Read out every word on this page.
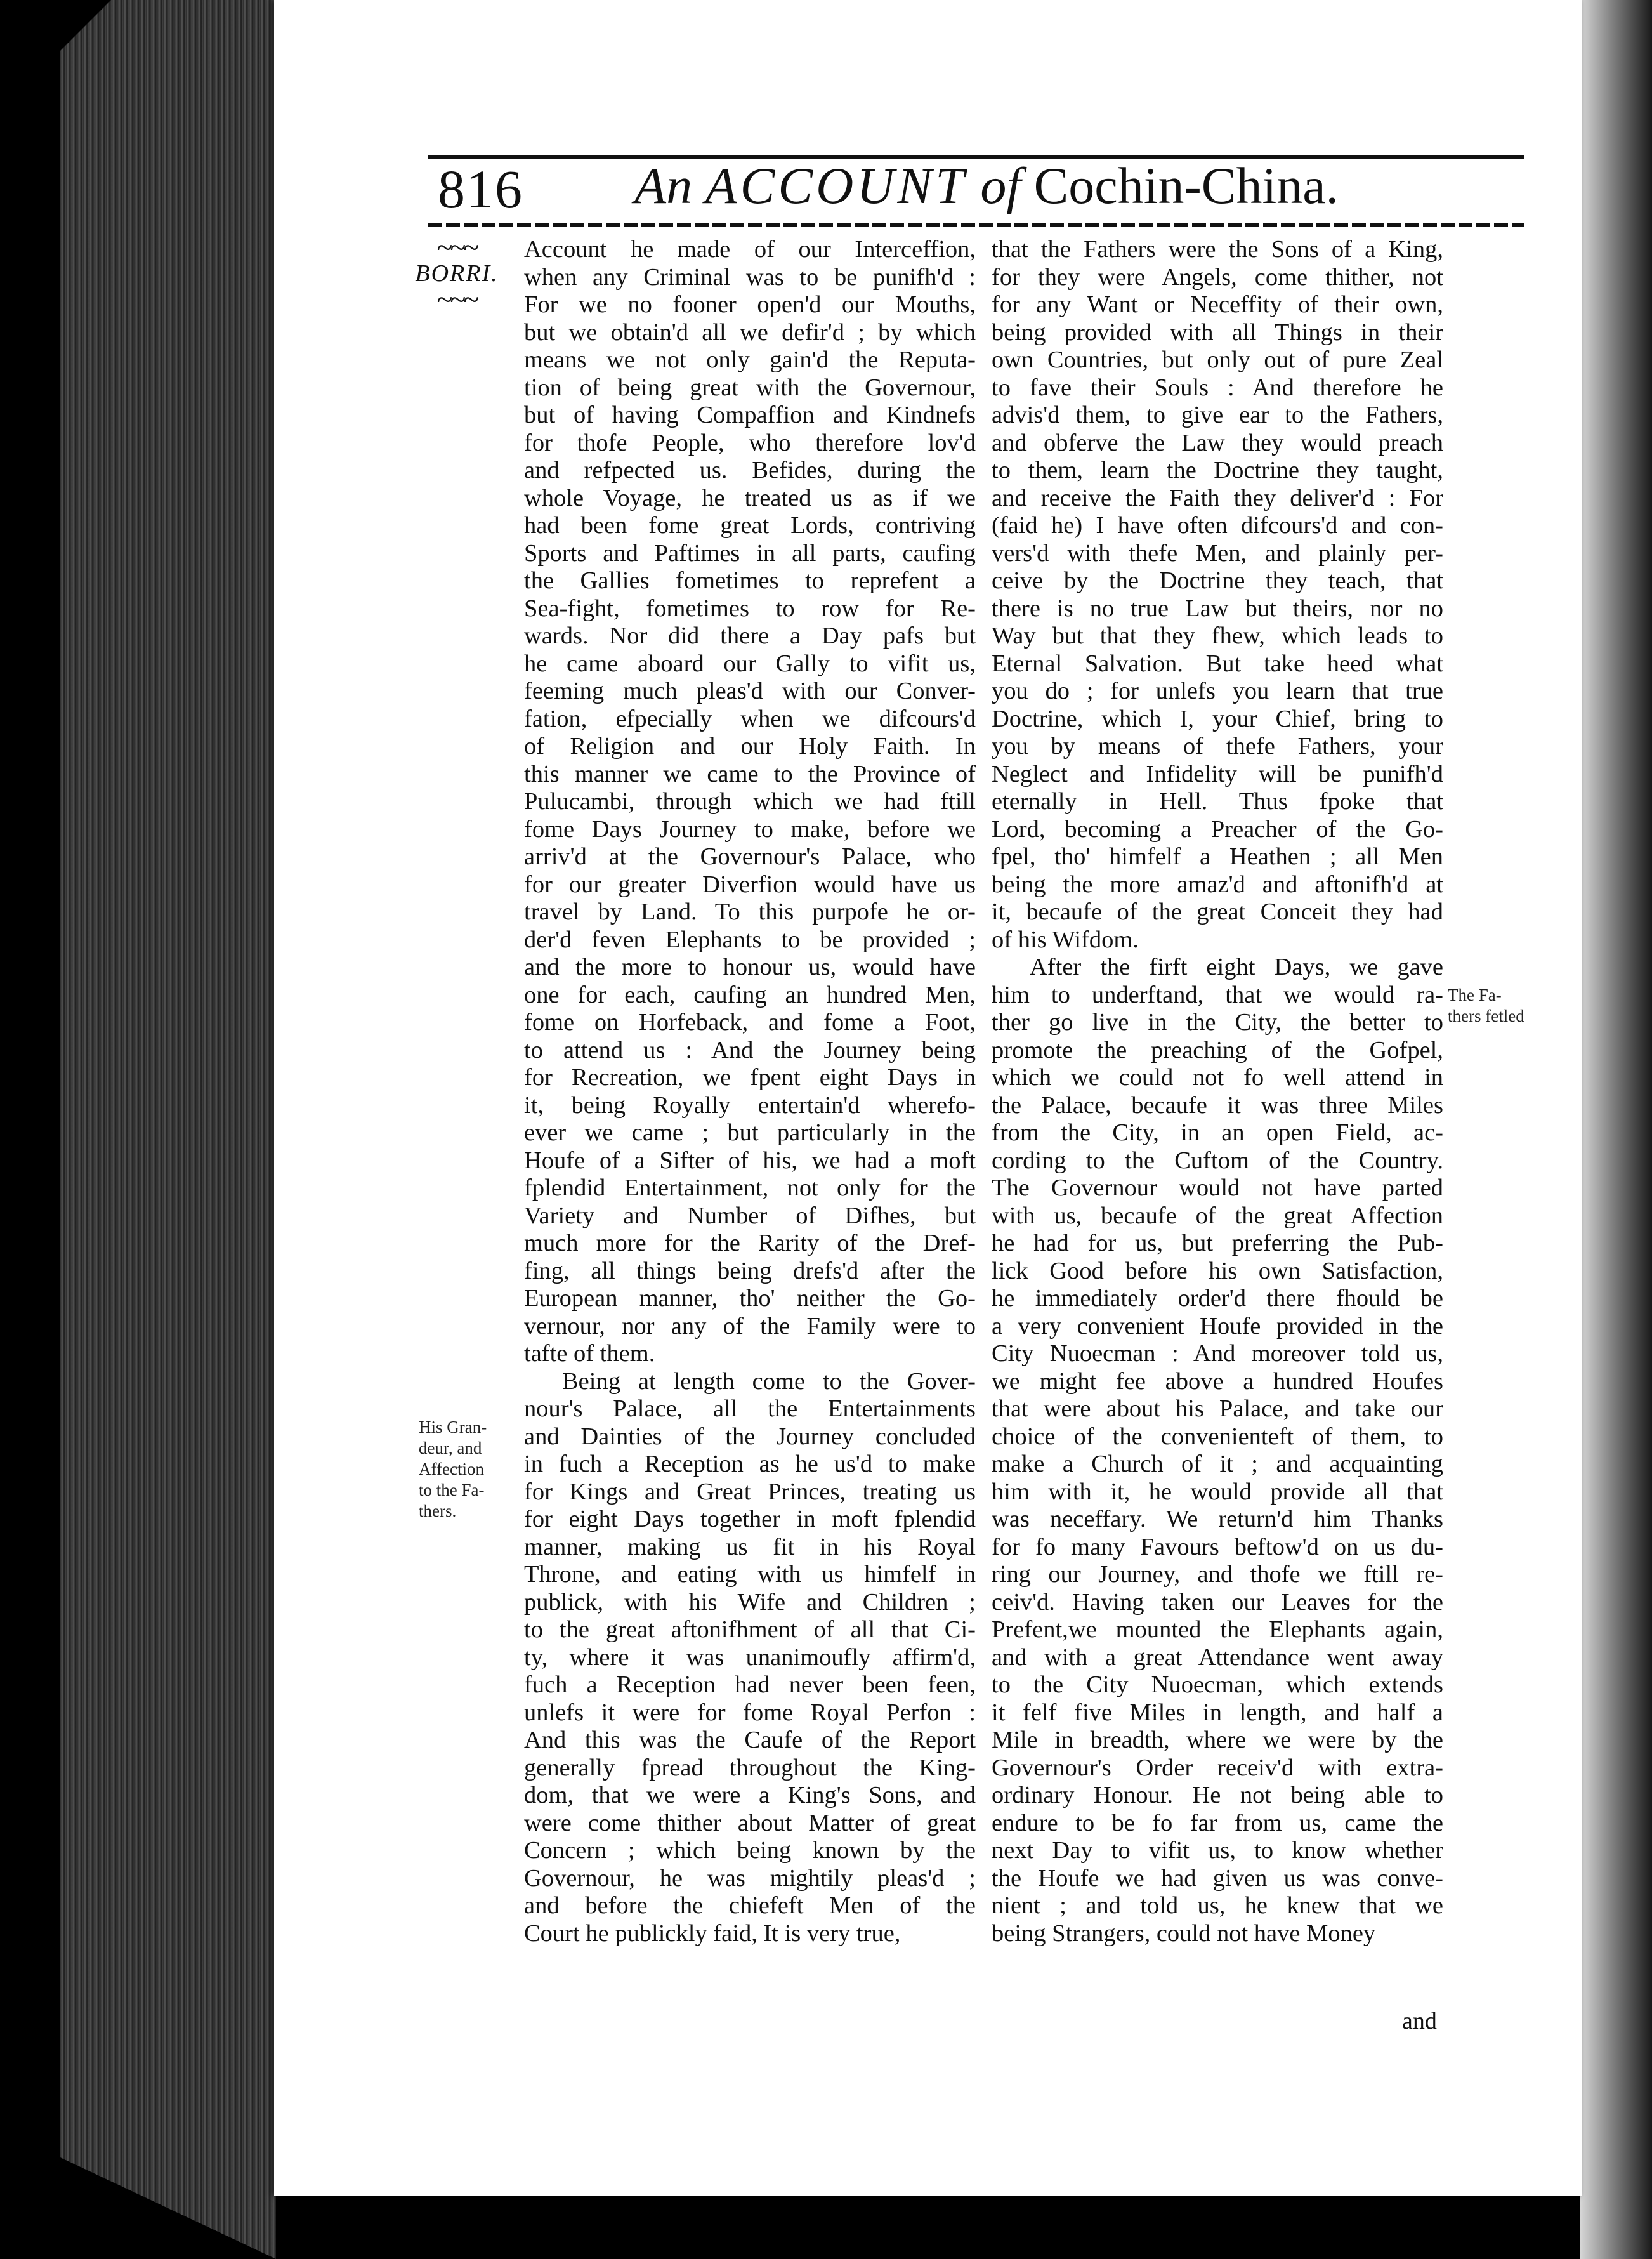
816 An ACCOUNT of Cochin-China.
~~~
BORRI.
~~~
His Gran-
deur, and
Affection
to the Fa-
thers.
The Fa-
thers fetled
Account he made of our Interceffion,
when any Criminal was to be punifh'd :
For we no fooner open'd our Mouths,
but we obtain'd all we defir'd ; by which
means we not only gain'd the Reputa-
tion of being great with the Governour,
but of having Compaffion and Kindnefs
for thofe People, who therefore lov'd
and refpected us. Befides, during the
whole Voyage, he treated us as if we
had been fome great Lords, contriving
Sports and Paftimes in all parts, caufing
the Gallies fometimes to reprefent a
Sea-fight, fometimes to row for Re-
wards. Nor did there a Day pafs but
he came aboard our Gally to vifit us,
feeming much pleas'd with our Conver-
fation, efpecially when we difcours'd
of Religion and our Holy Faith. In
this manner we came to the Province of
Pulucambi, through which we had ftill
fome Days Journey to make, before we
arriv'd at the Governour's Palace, who
for our greater Diverfion would have us
travel by Land. To this purpofe he or-
der'd feven Elephants to be provided ;
and the more to honour us, would have
one for each, caufing an hundred Men,
fome on Horfeback, and fome a Foot,
to attend us : And the Journey being
for Recreation, we fpent eight Days in
it, being Royally entertain'd wherefo-
ever we came ; but particularly in the
Houfe of a Sifter of his, we had a moft
fplendid Entertainment, not only for the
Variety and Number of Difhes, but
much more for the Rarity of the Dref-
fing, all things being drefs'd after the
European manner, tho' neither the Go-
vernour, nor any of the Family were to
tafte of them.
Being at length come to the Gover-
nour's Palace, all the Entertainments
and Dainties of the Journey concluded
in fuch a Reception as he us'd to make
for Kings and Great Princes, treating us
for eight Days together in moft fplendid
manner, making us fit in his Royal
Throne, and eating with us himfelf in
publick, with his Wife and Children ;
to the great aftonifhment of all that Ci-
ty, where it was unanimoufly affirm'd,
fuch a Reception had never been feen,
unlefs it were for fome Royal Perfon :
And this was the Caufe of the Report
generally fpread throughout the King-
dom, that we were a King's Sons, and
were come thither about Matter of great
Concern ; which being known by the
Governour, he was mightily pleas'd ;
and before the chiefeft Men of the
Court he publickly faid, It is very true,
that the Fathers were the Sons of a King,
for they were Angels, come thither, not
for any Want or Neceffity of their own,
being provided with all Things in their
own Countries, but only out of pure Zeal
to fave their Souls : And therefore he
advis'd them, to give ear to the Fathers,
and obferve the Law they would preach
to them, learn the Doctrine they taught,
and receive the Faith they deliver'd : For
(faid he) I have often difcours'd and con-
vers'd with thefe Men, and plainly per-
ceive by the Doctrine they teach, that
there is no true Law but theirs, nor no
Way but that they fhew, which leads to
Eternal Salvation. But take heed what
you do ; for unlefs you learn that true
Doctrine, which I, your Chief, bring to
you by means of thefe Fathers, your
Neglect and Infidelity will be punifh'd
eternally in Hell. Thus fpoke that
Lord, becoming a Preacher of the Go-
fpel, tho' himfelf a Heathen ; all Men
being the more amaz'd and aftonifh'd at
it, becaufe of the great Conceit they had
of his Wifdom.
After the firft eight Days, we gave
him to underftand, that we would ra-
ther go live in the City, the better to
promote the preaching of the Gofpel,
which we could not fo well attend in
the Palace, becaufe it was three Miles
from the City, in an open Field, ac-
cording to the Cuftom of the Country.
The Governour would not have parted
with us, becaufe of the great Affection
he had for us, but preferring the Pub-
lick Good before his own Satisfaction,
he immediately order'd there fhould be
a very convenient Houfe provided in the
City Nuoecman : And moreover told us,
we might fee above a hundred Houfes
that were about his Palace, and take our
choice of the convenienteft of them, to
make a Church of it ; and acquainting
him with it, he would provide all that
was neceffary. We return'd him Thanks
for fo many Favours beftow'd on us du-
ring our Journey, and thofe we ftill re-
ceiv'd. Having taken our Leaves for the
Prefent,we mounted the Elephants again,
and with a great Attendance went away
to the City Nuoecman, which extends
it felf five Miles in length, and half a
Mile in breadth, where we were by the
Governour's Order receiv'd with extra-
ordinary Honour. He not being able to
endure to be fo far from us, came the
next Day to vifit us, to know whether
the Houfe we had given us was conve-
nient ; and told us, he knew that we
being Strangers, could not have Money
and
